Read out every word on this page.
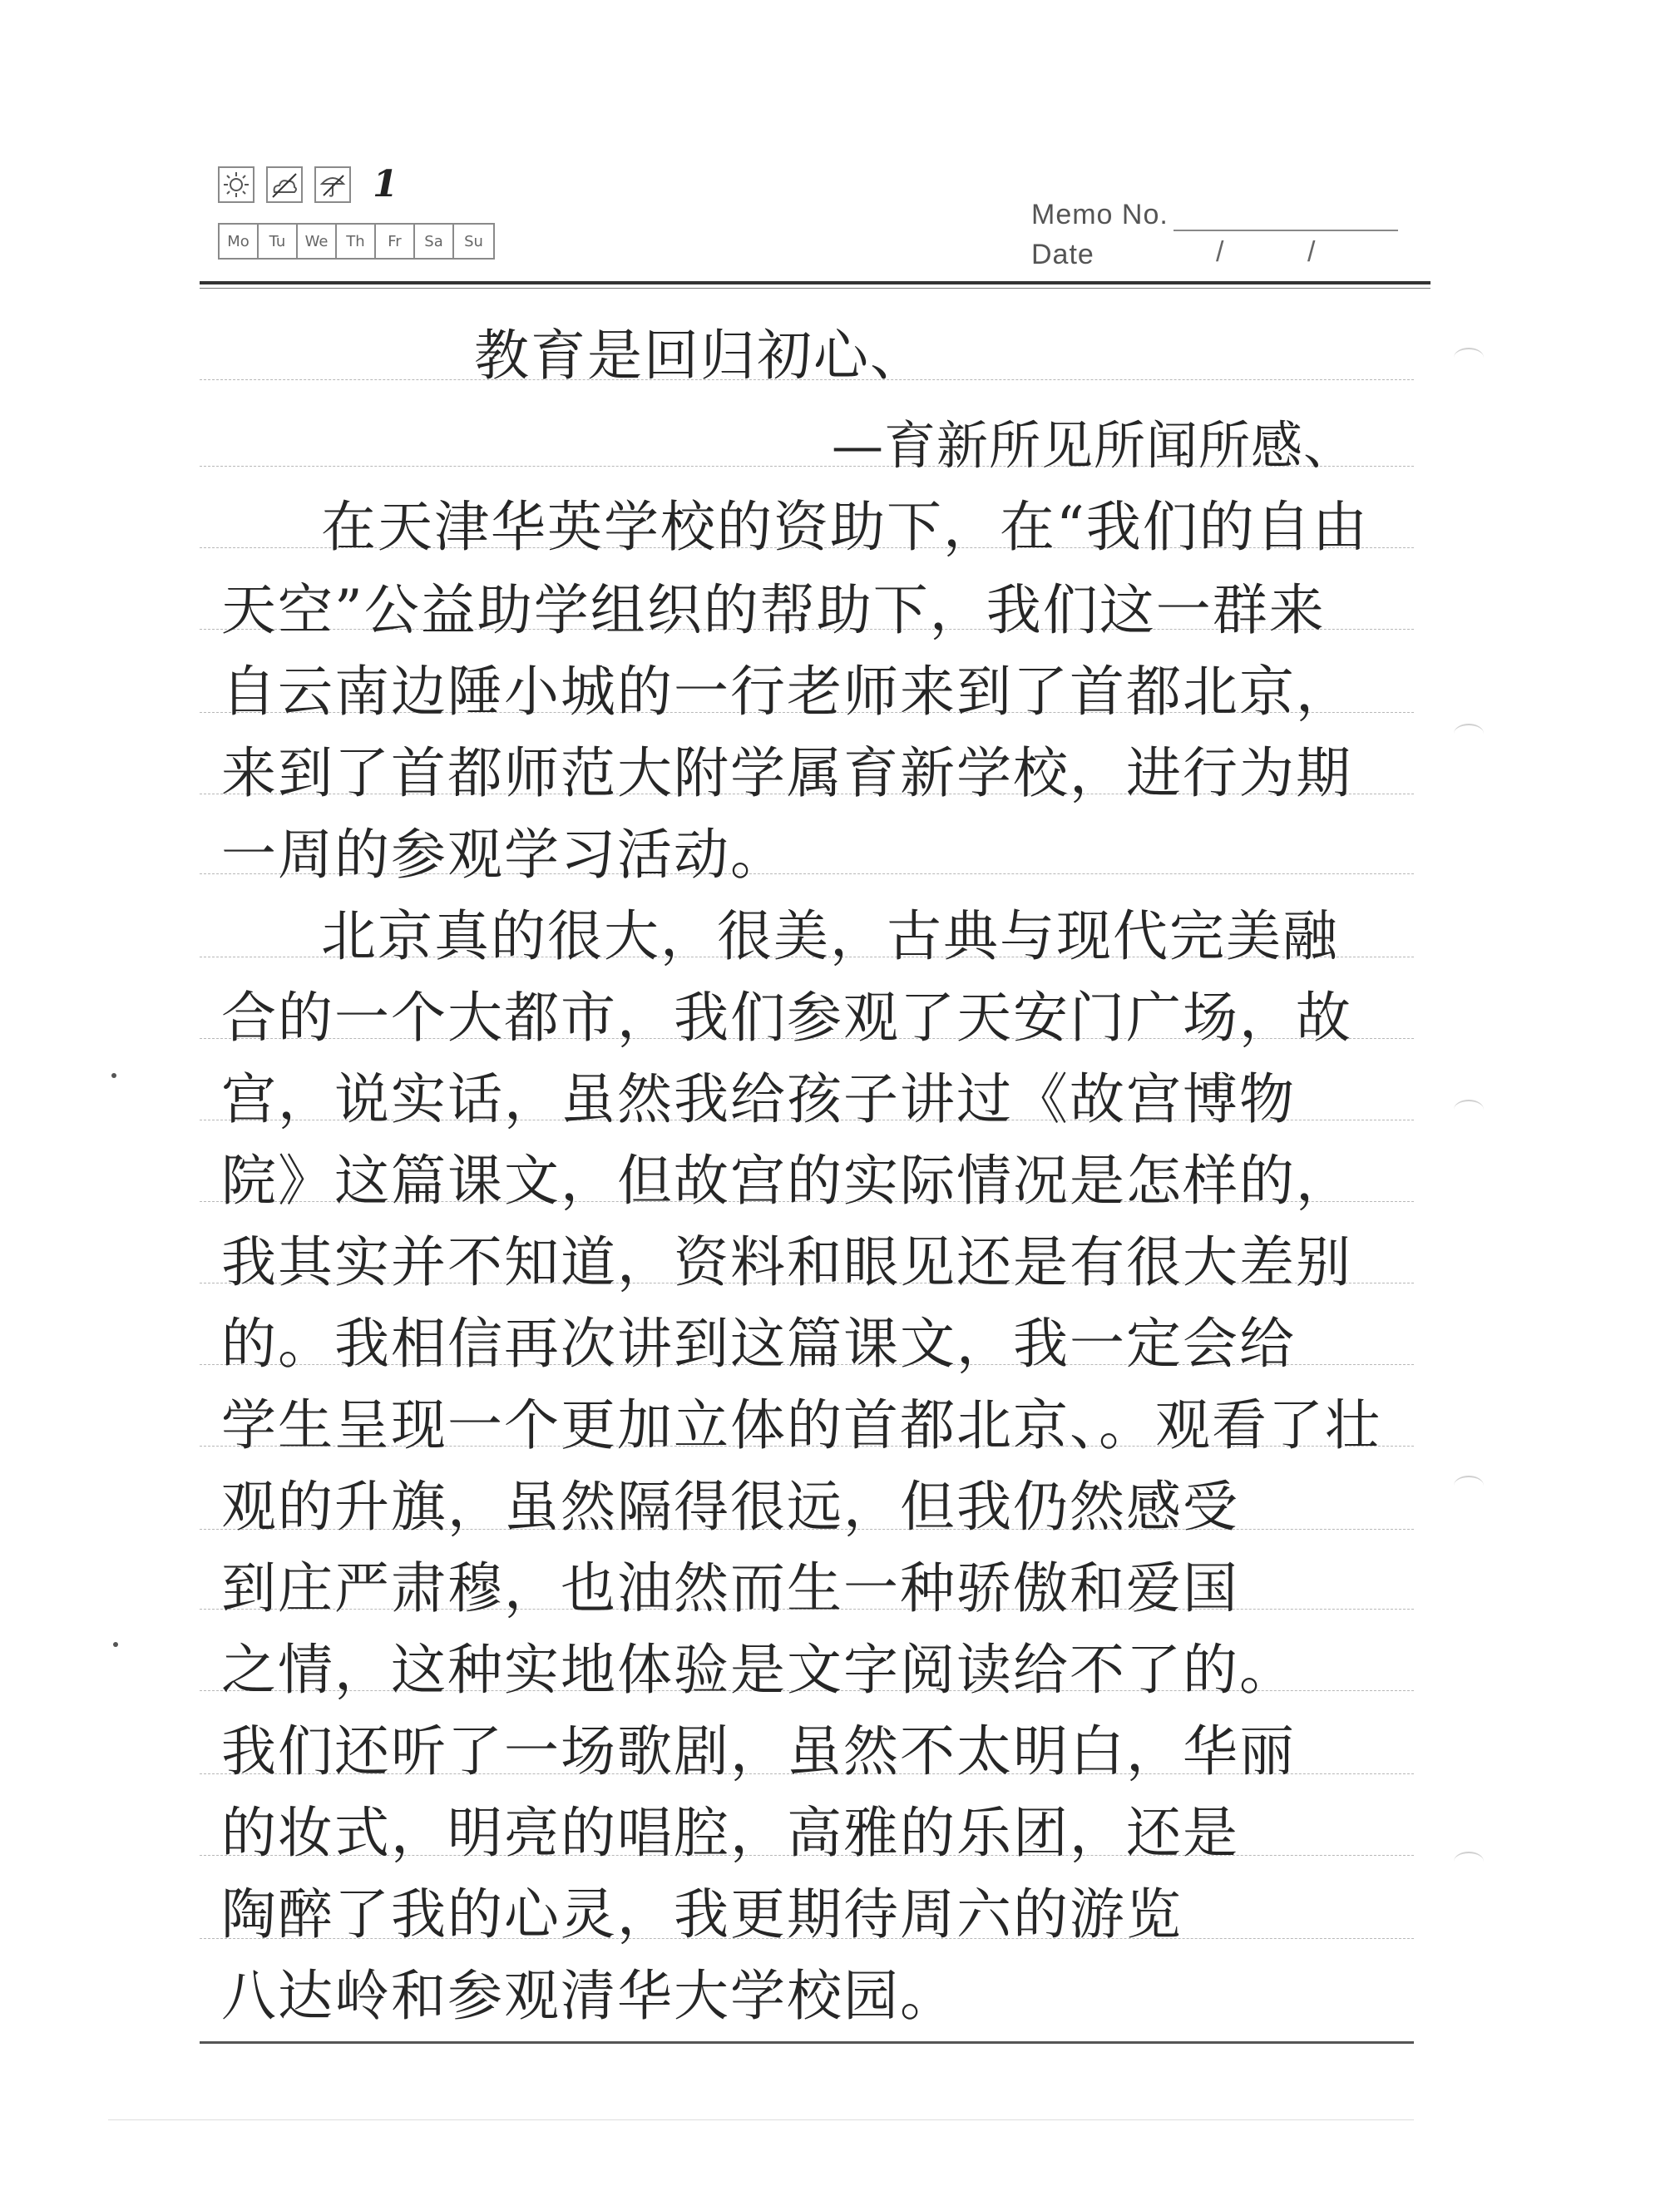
1
Mo	Tu	We	Th	Fr	Sa	Su
Memo No.
Date	/	/
教育是回归初心、
—育新所见所闻所感、
在天津华英学校的资助下，在“我们的自由
天空”公益助学组织的帮助下，我们这一群来
自云南边陲小城的一行老师来到了首都北京，
来到了首都师范大附学属育新学校，进行为期
一周的参观学习活动。
北京真的很大，很美，古典与现代完美融
合的一个大都市，我们参观了天安门广场，故
宫，说实话，虽然我给孩子讲过《故宫博物
院》这篇课文，但故宫的实际情况是怎样的，
我其实并不知道，资料和眼见还是有很大差别
的。我相信再次讲到这篇课文，我一定会给
学生呈现一个更加立体的首都北京、。观看了壮
观的升旗，虽然隔得很远，但我仍然感受
到庄严肃穆，也油然而生一种骄傲和爱国
之情，这种实地体验是文字阅读给不了的。
我们还听了一场歌剧，虽然不太明白，华丽
的妆式，明亮的唱腔，高雅的乐团，还是
陶醉了我的心灵，我更期待周六的游览
八达岭和参观清华大学校园。
